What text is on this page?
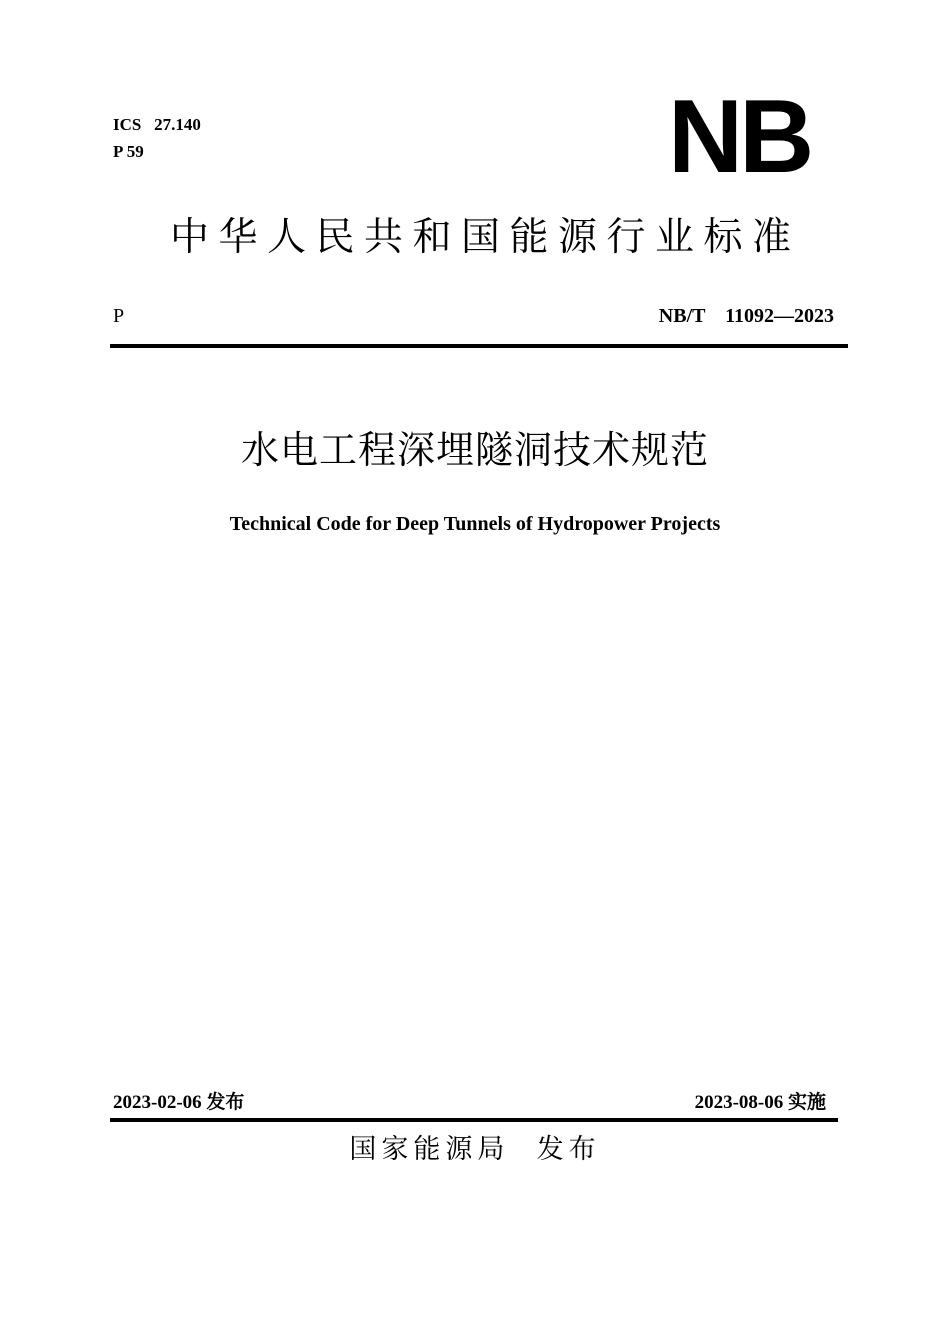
ICS   27.140
P 59	NB
中华人民共和国能源行业标准
P	NB/T    11092—2023
水电工程深埋隧洞技术规范
Technical Code for Deep Tunnels of Hydropower Projects
2023-02-06 发布	2023-08-06 实施
国家能源局  发布
